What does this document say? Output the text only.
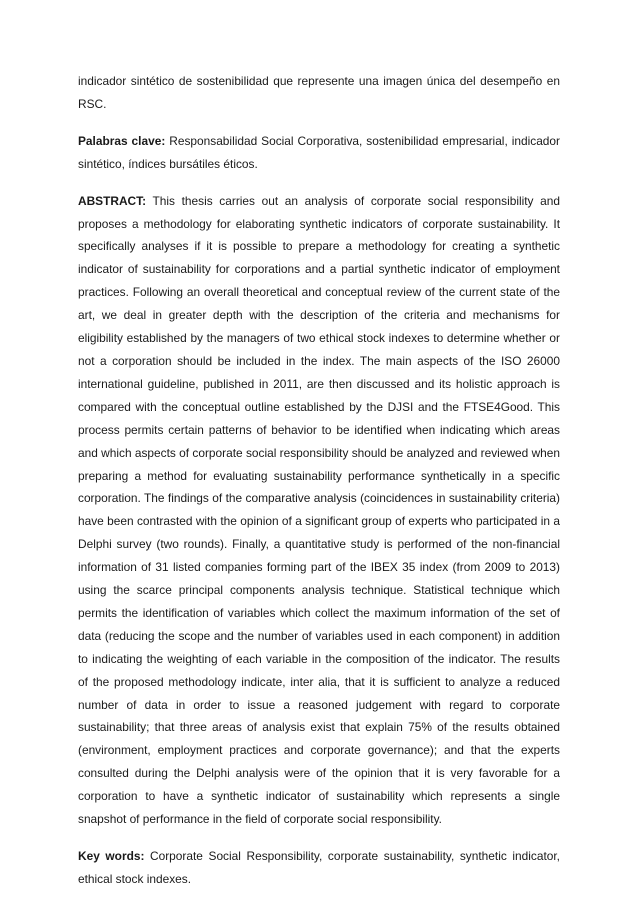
indicador sintético de sostenibilidad que represente una imagen única del desempeño en RSC.

Palabras clave: Responsabilidad Social Corporativa, sostenibilidad empresarial, indicador sintético, índices bursátiles éticos.

ABSTRACT: This thesis carries out an analysis of corporate social responsibility and proposes a methodology for elaborating synthetic indicators of corporate sustainability. It specifically analyses if it is possible to prepare a methodology for creating a synthetic indicator of sustainability for corporations and a partial synthetic indicator of employment practices. Following an overall theoretical and conceptual review of the current state of the art, we deal in greater depth with the description of the criteria and mechanisms for eligibility established by the managers of two ethical stock indexes to determine whether or not a corporation should be included in the index. The main aspects of the ISO 26000 international guideline, published in 2011, are then discussed and its holistic approach is compared with the conceptual outline established by the DJSI and the FTSE4Good. This process permits certain patterns of behavior to be identified when indicating which areas and which aspects of corporate social responsibility should be analyzed and reviewed when preparing a method for evaluating sustainability performance synthetically in a specific corporation. The findings of the comparative analysis (coincidences in sustainability criteria) have been contrasted with the opinion of a significant group of experts who participated in a Delphi survey (two rounds). Finally, a quantitative study is performed of the non-financial information of 31 listed companies forming part of the IBEX 35 index (from 2009 to 2013) using the scarce principal components analysis technique. Statistical technique which permits the identification of variables which collect the maximum information of the set of data (reducing the scope and the number of variables used in each component) in addition to indicating the weighting of each variable in the composition of the indicator. The results of the proposed methodology indicate, inter alia, that it is sufficient to analyze a reduced number of data in order to issue a reasoned judgement with regard to corporate sustainability; that three areas of analysis exist that explain 75% of the results obtained (environment, employment practices and corporate governance); and that the experts consulted during the Delphi analysis were of the opinion that it is very favorable for a corporation to have a synthetic indicator of sustainability which represents a single snapshot of performance in the field of corporate social responsibility.

Key words: Corporate Social Responsibility, corporate sustainability, synthetic indicator, ethical stock indexes.
